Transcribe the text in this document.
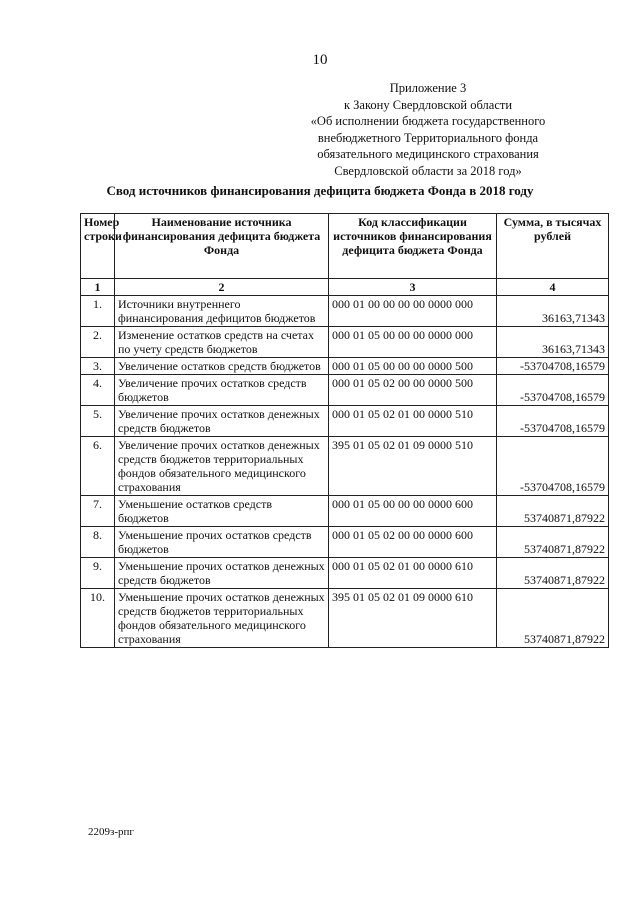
10
Приложение 3
к Закону Свердловской области
«Об исполнении бюджета государственного
внебюджетного Территориального фонда
обязательного медицинского страхования
Свердловской области за 2018 год»
Свод источников финансирования дефицита бюджета Фонда в 2018 году
Номер строки	Наименование источника финансирования дефицита бюджета Фонда	Код классификации источников финансирования дефицита бюджета Фонда	Сумма, в тысячах рублей
1	2	3	4
1.	Источники внутреннего финансирования дефицитов бюджетов	000 01 00 00 00 00 0000 000	36163,71343
2.	Изменение остатков средств на счетах по учету средств бюджетов	000 01 05 00 00 00 0000 000	36163,71343
3.	Увеличение остатков средств бюджетов	000 01 05 00 00 00 0000 500	-53704708,16579
4.	Увеличение прочих остатков средств бюджетов	000 01 05 02 00 00 0000 500	-53704708,16579
5.	Увеличение прочих остатков денежных средств бюджетов	000 01 05 02 01 00 0000 510	-53704708,16579
6.	Увеличение прочих остатков денежных средств бюджетов территориальных фондов обязательного медицинского страхования	395 01 05 02 01 09 0000 510	-53704708,16579
7.	Уменьшение остатков средств бюджетов	000 01 05 00 00 00 0000 600	53740871,87922
8.	Уменьшение прочих остатков средств бюджетов	000 01 05 02 00 00 0000 600	53740871,87922
9.	Уменьшение прочих остатков денежных средств бюджетов	000 01 05 02 01 00 0000 610	53740871,87922
10.	Уменьшение прочих остатков денежных средств бюджетов территориальных фондов обязательного медицинского страхования	395 01 05 02 01 09 0000 610	53740871,87922
2209з-рпг
